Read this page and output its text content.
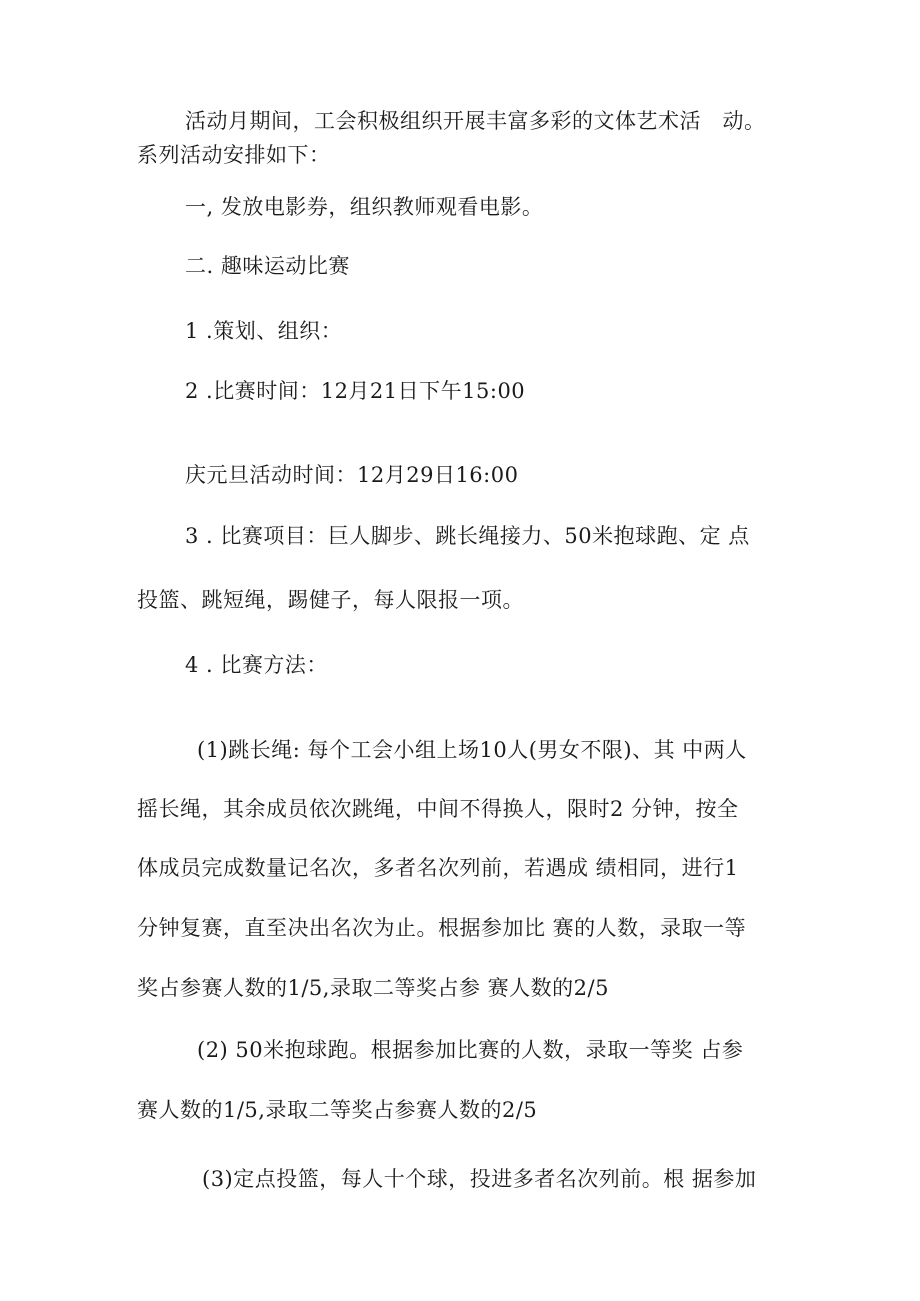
活动月期间，工会积极组织开展丰富多彩的文体艺术活　动。
系列活动安排如下：
一, 发放电影券，组织教师观看电影。
二. 趣味运动比赛
1 .策划、组织：
2 .比赛时间：12月21日下午15:00
庆元旦活动时间：12月29日16:00
3 . 比赛项目：巨人脚步、跳长绳接力、50米抱球跑、定 点
投篮、跳短绳，踢健子，每人限报一项。
4 . 比赛方法：
(1)跳长绳: 每个工会小组上场10人(男女不限)、其 中两人
摇长绳，其余成员依次跳绳，中间不得换人，限时2 分钟，按全
体成员完成数量记名次，多者名次列前，若遇成 绩相同，进行1
分钟复赛，直至决出名次为止。根据参加比 赛的人数，录取一等
奖占参赛人数的1/5,录取二等奖占参 赛人数的2/5
(2) 50米抱球跑。根据参加比赛的人数，录取一等奖 占参
赛人数的1/5,录取二等奖占参赛人数的2/5
(3)定点投篮，每人十个球，投进多者名次列前。根 据参加
